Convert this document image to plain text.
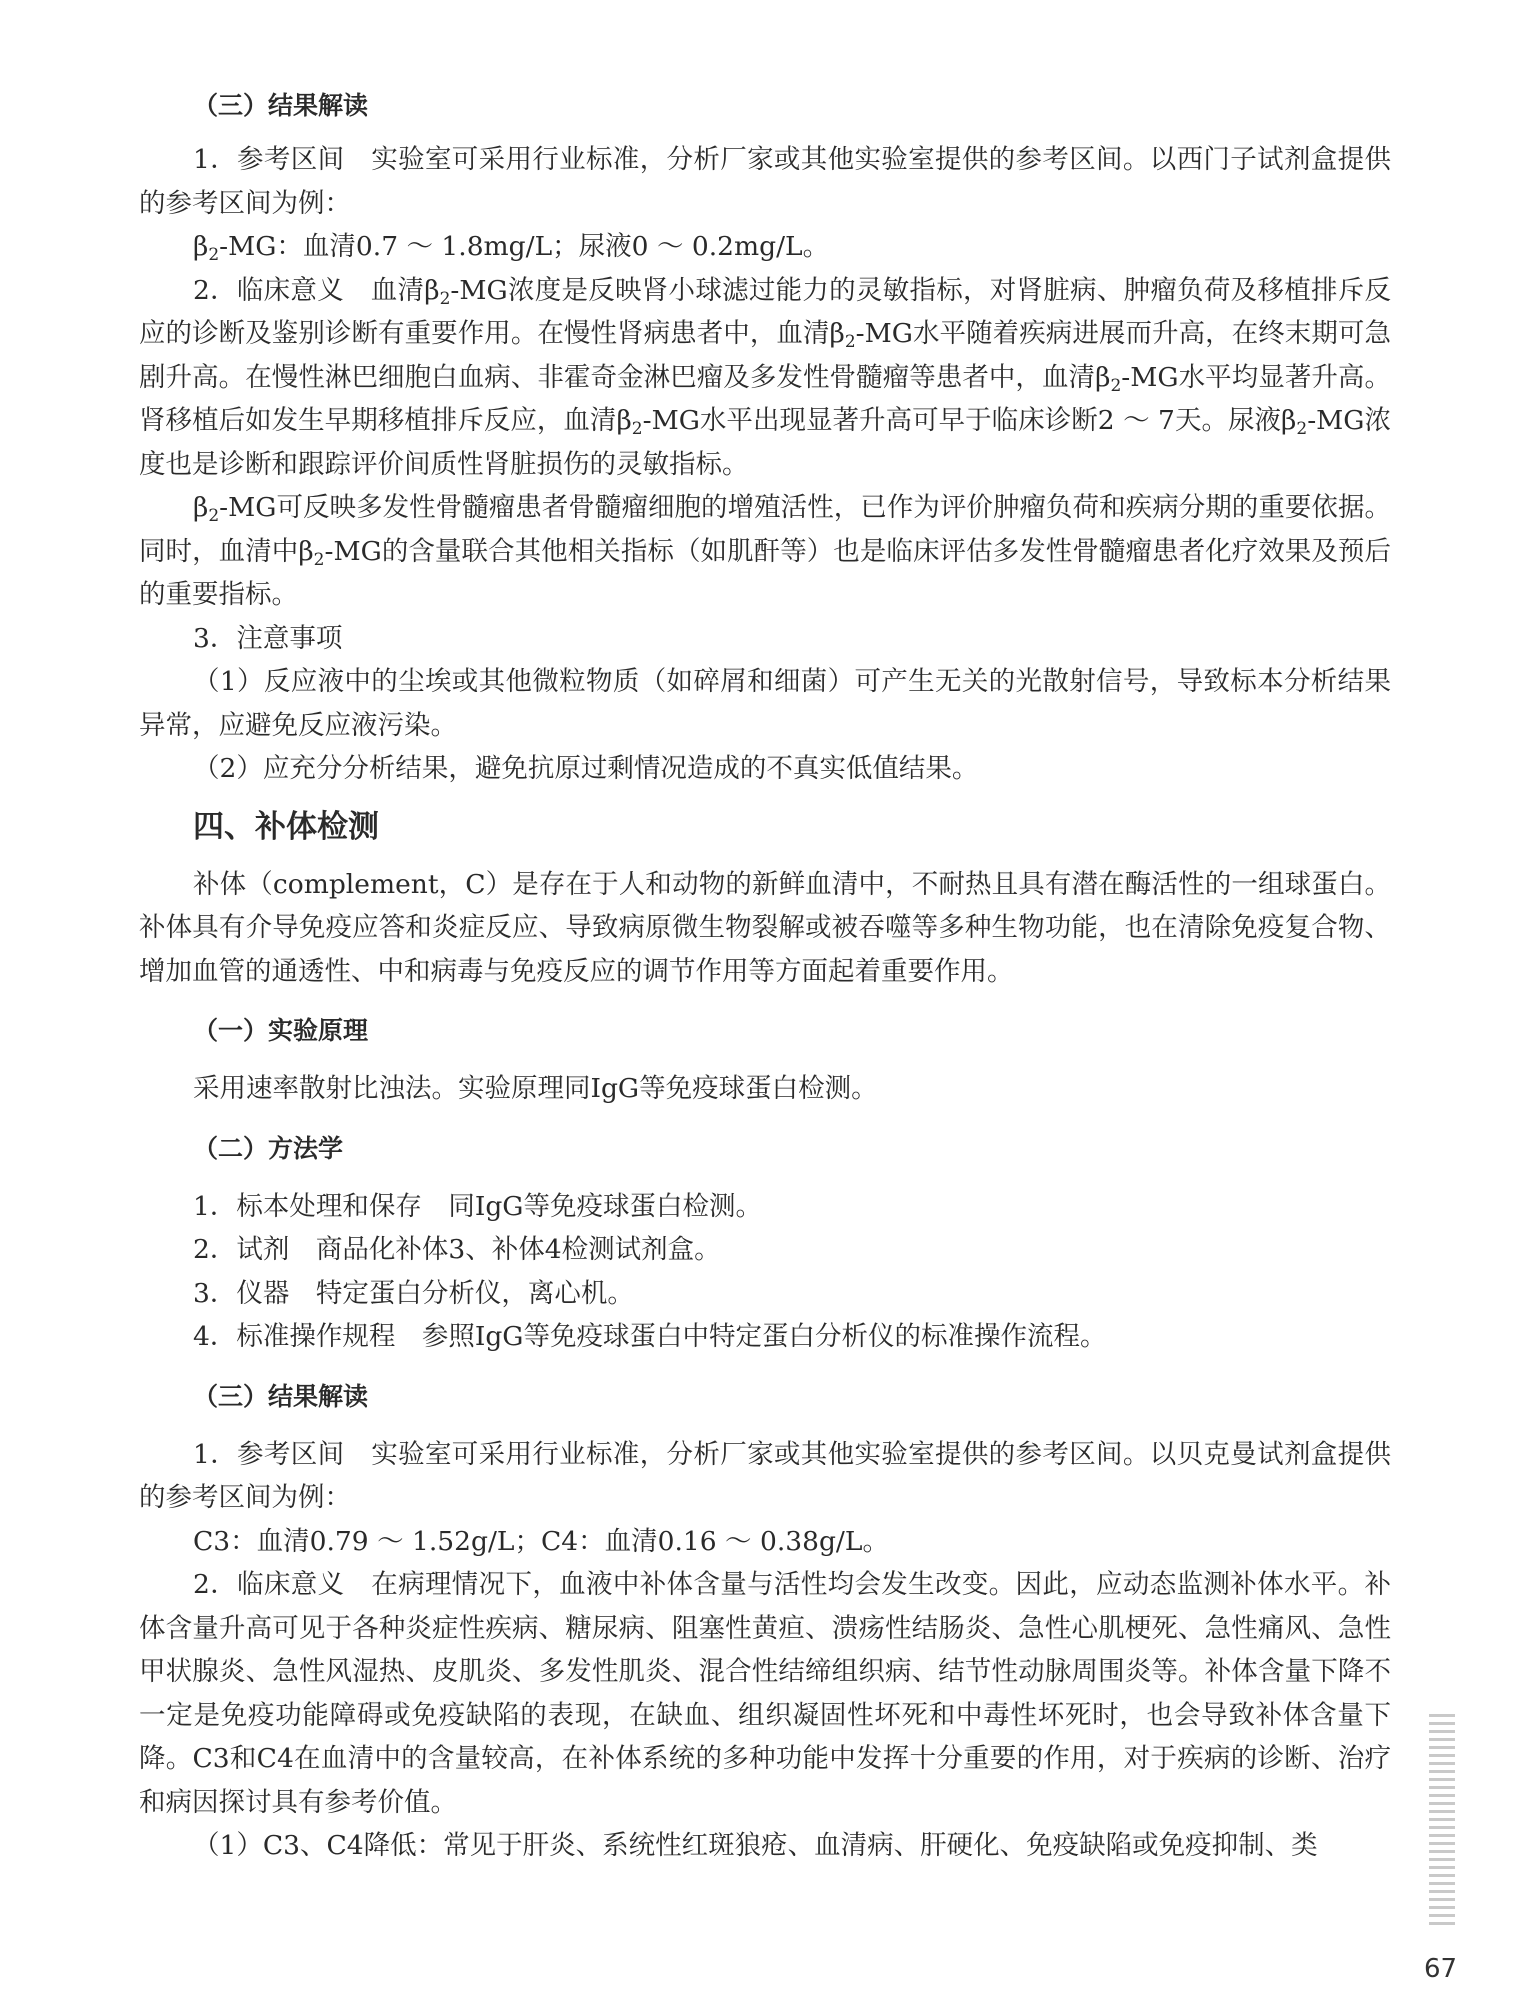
（三）结果解读

1．参考区间　实验室可采用行业标准，分析厂家或其他实验室提供的参考区间。以西门子试剂盒提供的参考区间为例：

$\beta_2-MG$：血清0.7 ～ 1.8mg/L；尿液0 ～ 0.2mg/L。

2．临床意义　血清$\beta_2-MG$浓度是反映肾小球滤过能力的灵敏指标，对肾脏病、肿瘤负荷及移植排斥反应的诊断及鉴别诊断有重要作用。在慢性肾病患者中，血清$\beta_2-MG$水平随着疾病进展而升高，在终末期可急剧升高。在慢性淋巴细胞白血病、非霍奇金淋巴瘤及多发性骨髓瘤等患者中，血清$\beta_2-MG$水平均显著升高。肾移植后如发生早期移植排斥反应，血清$\beta_2-MG$水平出现显著升高可早于临床诊断2 ～ 7天。尿液$\beta_2-MG$浓度也是诊断和跟踪评价间质性肾脏损伤的灵敏指标。

$\beta_2-MG$可反映多发性骨髓瘤患者骨髓瘤细胞的增殖活性，已作为评价肿瘤负荷和疾病分期的重要依据。同时，血清中$\beta_2-MG$的含量联合其他相关指标（如肌酐等）也是临床评估多发性骨髓瘤患者化疗效果及预后的重要指标。

3．注意事项

（1）反应液中的尘埃或其他微粒物质（如碎屑和细菌）可产生无关的光散射信号，导致标本分析结果异常，应避免反应液污染。

（2）应充分分析结果，避免抗原过剩情况造成的不真实低值结果。

四、补体检测

补体（complement，C）是存在于人和动物的新鲜血清中，不耐热且具有潜在酶活性的一组球蛋白。补体具有介导免疫应答和炎症反应、导致病原微生物裂解或被吞噬等多种生物功能，也在清除免疫复合物、增加血管的通透性、中和病毒与免疫反应的调节作用等方面起着重要作用。

（一）实验原理

采用速率散射比浊法。实验原理同IgG等免疫球蛋白检测。

（二）方法学

1．标本处理和保存　同IgG等免疫球蛋白检测。

2．试剂　商品化补体3、补体4检测试剂盒。

3．仪器　特定蛋白分析仪，离心机。

4．标准操作规程　参照IgG等免疫球蛋白中特定蛋白分析仪的标准操作流程。

（三）结果解读

1．参考区间　实验室可采用行业标准，分析厂家或其他实验室提供的参考区间。以贝克曼试剂盒提供的参考区间为例：

C3：血清0.79 ～ 1.52g/L；C4：血清0.16 ～ 0.38g/L。

2．临床意义　在病理情况下，血液中补体含量与活性均会发生改变。因此，应动态监测补体水平。补体含量升高可见于各种炎症性疾病、糖尿病、阻塞性黄疸、溃疡性结肠炎、急性心肌梗死、急性痛风、急性甲状腺炎、急性风湿热、皮肌炎、多发性肌炎、混合性结缔组织病、结节性动脉周围炎等。补体含量下降不一定是免疫功能障碍或免疫缺陷的表现，在缺血、组织凝固性坏死和中毒性坏死时，也会导致补体含量下降。C3和C4在血清中的含量较高，在补体系统的多种功能中发挥十分重要的作用，对于疾病的诊断、治疗和病因探讨具有参考价值。

（1）C3、C4降低：常见于肝炎、系统性红斑狼疮、血清病、肝硬化、免疫缺陷或免疫抑制、类

67
